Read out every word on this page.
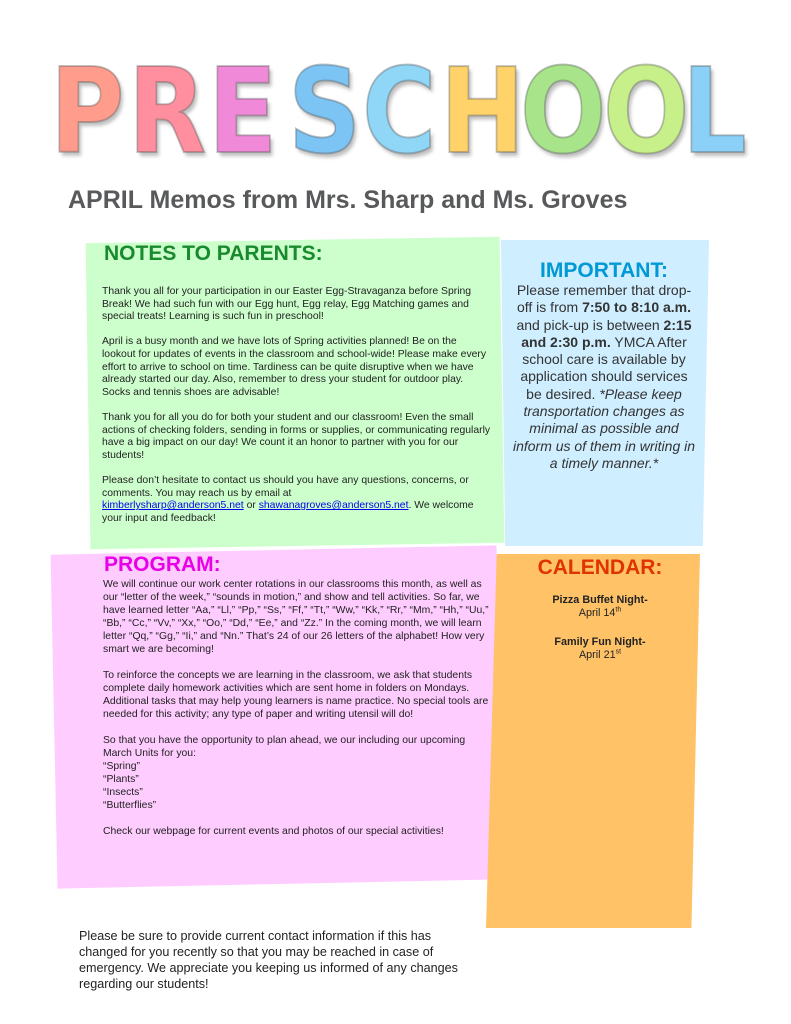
P R E S C H
O
O
L
APRIL Memos from Mrs. Sharp and Ms. Groves
NOTES TO PARENTS:

Thank you all for your participation in our Easter Egg-Stravaganza before Spring Break! We had such fun with our Egg hunt, Egg relay, Egg Matching games and special treats! Learning is such fun in preschool!

April is a busy month and we have lots of Spring activities planned! Be on the lookout for updates of events in the classroom and school-wide! Please make every effort to arrive to school on time. Tardiness can be quite disruptive when we have already started our day. Also, remember to dress your student for outdoor play. Socks and tennis shoes are advisable!

Thank you for all you do for both your student and our classroom! Even the small actions of checking folders, sending in forms or supplies, or communicating regularly have a big impact on our day! We count it an honor to partner with you for our students!

Please don’t hesitate to contact us should you have any questions, concerns, or comments. You may reach us by email at
kimberlysharp@anderson5.net or shawanagroves@anderson5.net. We welcome your input and feedback!

IMPORTANT:
Please remember that drop-off is from 7:50 to 8:10 a.m. and pick-up is between 2:15 and 2:30 p.m. YMCA After school care is available by application should services be desired. *Please keep transportation changes as minimal as possible and inform us of them in writing in a timely manner.*
PROGRAM:

We will continue our work center rotations in our classrooms this month, as well as our “letter of the week,” “sounds in motion,” and show and tell activities. So far, we have learned letter “Aa,” “Ll,” “Pp,” “Ss,” “Ff,” “Tt,” “Ww,” “Kk,” “Rr,” “Mm,” “Hh,” “Uu,” “Bb,” “Cc,” “Vv,” “Xx,” “Oo,” “Dd,” “Ee,” and “Zz.” In the coming month, we will learn letter “Qq,” “Gg,” “Ii,” and “Nn.” That’s 24 of our 26 letters of the alphabet! How very smart we are becoming!

To reinforce the concepts we are learning in the classroom, we ask that students complete daily homework activities which are sent home in folders on Mondays. Additional tasks that may help young learners is name practice. No special tools are needed for this activity; any type of paper and writing utensil will do!

So that you have the opportunity to plan ahead, we our including our upcoming March Units for you:
“Spring”
“Plants”
“Insects”
“Butterflies”

Check our webpage for current events and photos of our special activities!

CALENDAR:
Pizza Buffet Night-
April 14th
Family Fun Night-
April 21st
Please be sure to provide current contact information if this has changed for you recently so that you may be reached in case of emergency. We appreciate you keeping us informed of any changes regarding our students!
